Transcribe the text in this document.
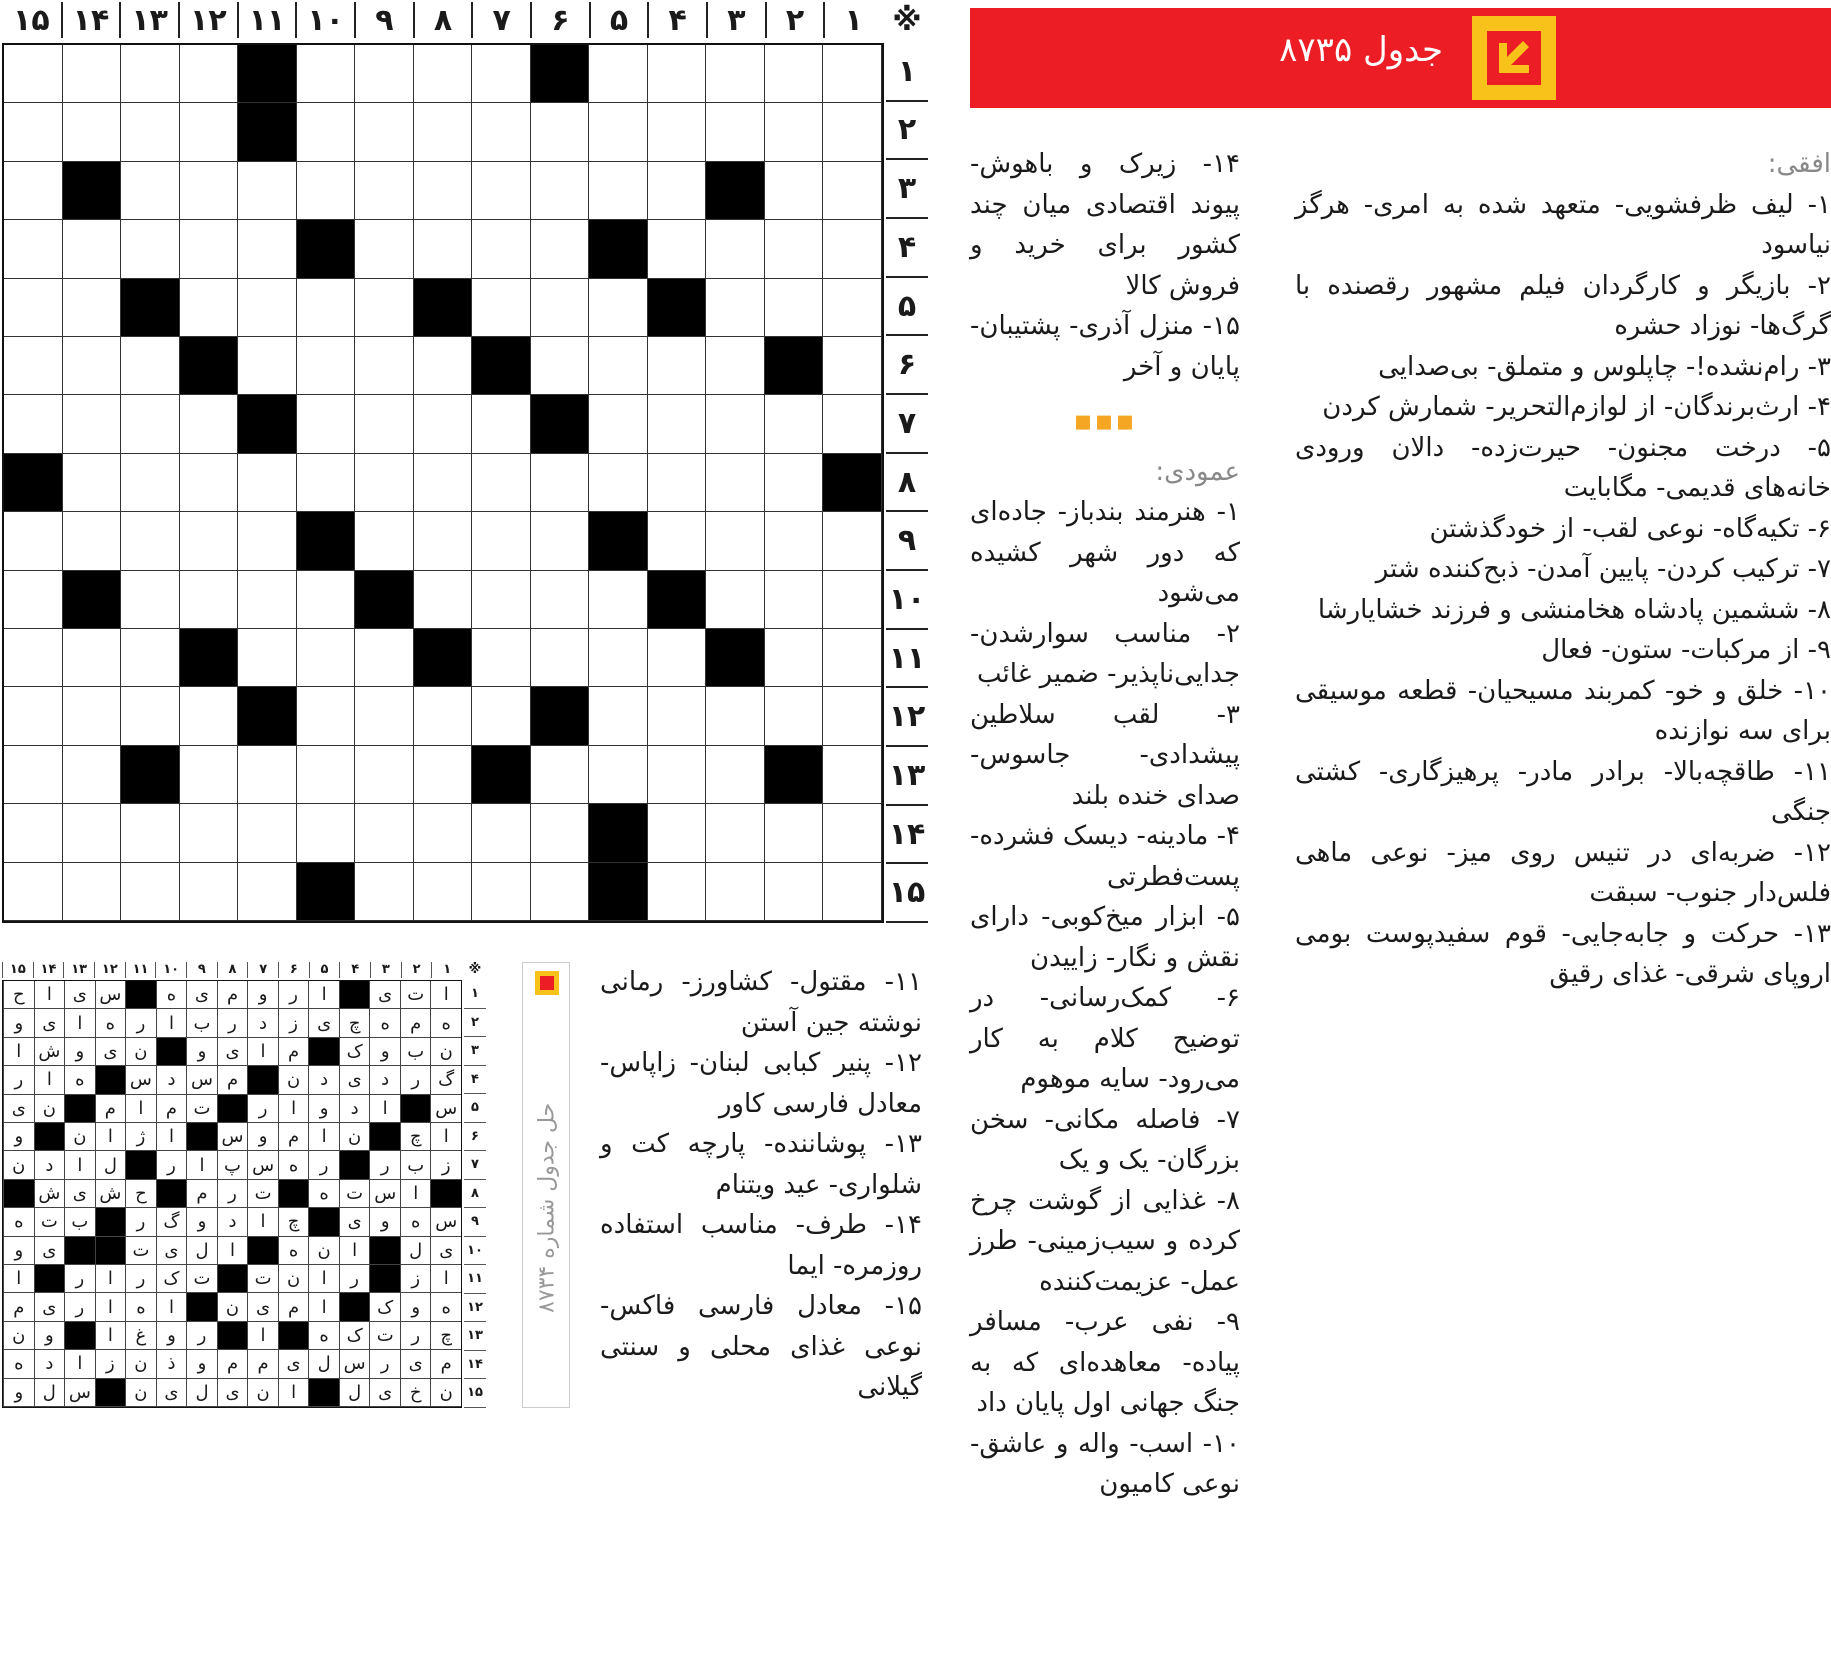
※
۱
۲
۳
۴
۵
۶
۷
۸
۹
۱۰
۱۱
۱۲
۱۳
۱۴
۱۵
۱
۲
۳
۴
۵
۶
۷
۸
۹
۱۰
۱۱
۱۲
۱۳
۱۴
۱۵
جدول ۸۷۳۵
افقی:
۱- لیف ظرفشویی- متعهد شده به امری- هرگز نیاسود
۲- بازیگر و کارگردان فیلم مشهور رقصنده با گرگ‌ها- نوزاد حشره
۳- رام‌نشده!- چاپلوس و متملق- بی‌صدایی
۴- ارث‌برندگان- از لوازم‌التحریر- شمارش کردن
۵- درخت مجنون- حیرت‌زده- دالان ورودی خانه‌های قدیمی- مگابایت
۶- تکیه‌گاه- نوعی لقب- از خودگذشتن
۷- ترکیب کردن- پایین آمدن- ذبح‌کننده شتر
۸- ششمین پادشاه هخامنشی و فرزند خشایارشا
۹- از مرکبات- ستون- فعال
۱۰- خلق و خو- کمربند مسیحیان- قطعه موسیقی برای سه نوازنده
۱۱- طاقچه‌بالا- برادر مادر- پرهیزگاری- کشتی جنگی
۱۲- ضربه‌ای در تنیس روی میز- نوعی ماهی فلس‌دار جنوب- سبقت
۱۳- حرکت و جابه‌جایی- قوم سفیدپوست بومی اروپای شرقی- غذای رقیق
۱۴- زیرک و باهوش- پیوند اقتصادی میان چند کشور برای خرید و فروش کالا
۱۵- منزل آذری- پشتیبان- پایان و آخر
▪▪▪
عمودی:
۱- هنرمند بندباز- جاده‌ای که دور شهر کشیده می‌شود
۲- مناسب سوارشدن- جدایی‌ناپذیر- ضمیر غائب
۳- لقب سلاطین پیشدادی- جاسوس- صدای خنده بلند
۴- مادینه- دیسک فشرده- پست‌فطرتی
۵- ابزار میخ‌کوبی- دارای نقش و نگار- زاییدن
۶- کمک‌رسانی- در توضیح کلام به کار می‌رود- سایه موهوم
۷- فاصله مکانی- سخن بزرگان- یک و یک
۸- غذایی از گوشت چرخ کرده و سیب‌زمینی- طرز عمل- عزیمت‌کننده
۹- نفی عرب- مسافر پیاده- معاهده‌ای که به جنگ جهانی اول پایان داد
۱۰- اسب- واله و عاشق- نوعی کامیون
۱۱- مقتول- کشاورز- رمانی نوشته جین آستن
۱۲- پنیر کبابی لبنان- زاپاس- معادل فارسی کاور
۱۳- پوشاننده- پارچه کت و شلواری- عید ویتنام
۱۴- طرف- مناسب استفاده روزمره- ایما
۱۵- معادل فارسی فاکس- نوعی غذای محلی و سنتی گیلانی
※
۱
۲
۳
۴
۵
۶
۷
۸
۹
۱۰
۱۱
۱۲
۱۳
۱۴
۱۵
ا
ت
ی
ا
ر
و
م
ی
ه
س
ی
ا
ح
ه
م
ه
چ
ی
ز
د
ر
ب
ا
ر
ه
ا
ی
و
ن
ب
و
ک
م
ا
ی
و
ن
ی
و
ش
ا
گ
ر
د
ی
د
ن
م
س
د
س
ه
ا
ر
س
ا
د
و
ا
ر
ت
م
ا
م
ن
ی
ا
چ
ن
ا
م
و
س
ا
ژ
ا
ن
و
ز
ب
ر
ر
ه
س
پ
ا
ر
ل
ا
د
ن
ا
س
ت
ه
ت
ر
م
ح
ش
ی
ش
س
ه
و
ی
چ
ا
د
و
گ
ر
ب
ت
ه
ی
ل
ا
ن
ه
ا
ل
ی
ت
ی
و
ا
ز
ر
ا
ن
ت
ت
ک
ر
ا
ر
ا
ه
و
ک
ا
م
ی
ن
ا
ه
ا
ر
ی
م
چ
ر
ت
ک
ه
ا
ر
و
غ
ا
و
ن
م
ی
ر
س
ل
ی
م
م
و
ذ
ن
ز
ا
د
ه
ن
خ
ی
ل
ا
ن
ی
ل
ی
ن
س
ل
و
۱
۲
۳
۴
۵
۶
۷
۸
۹
۱۰
۱۱
۱۲
۱۳
۱۴
۱۵
حل جدول شماره ۸۷۳۴
